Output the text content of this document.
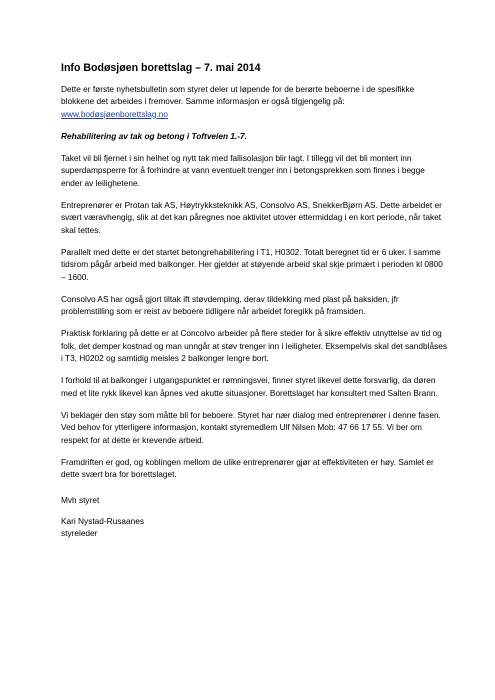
Info Bodøsjøen borettslag – 7. mai 2014
Dette er første nyhetsbulletin som styret deler ut løpende for de berørte beboerne i de spesifikke blokkene det arbeides i fremover. Samme informasjon er også tilgjengelig på:
www.bodøsjøenborettslag.no
Rehabilitering av tak og betong i Toftveien 1.-7.
Taket vil bli fjernet i sin helhet og nytt tak med fallisolasjon blir lagt. I tillegg vil det bli montert inn superdampsperre for å forhindre at vann eventuelt trenger inn i betongsprekken som finnes i begge ender av leilighetene.
Entreprenører er Protan tak AS, Høytrykksteknikk AS, Consolvo AS, SnekkerBjørn AS. Dette arbeidet er svært væravhengig, slik at det kan påregnes noe aktivitet utover ettermiddag i en kort periode, når taket skal tettes.
Parallelt med dette er det startet betongrehabilitering i T1, H0302. Totalt beregnet tid er 6 uker. I samme tidsrom pågår arbeid med balkonger. Her gjelder at støyende arbeid skal skje primært i perioden kl 0800 – 1600.
Consolvo AS har også gjort tiltak ift støvdemping, derav tildekking med plast på baksiden, jfr problemstilling som er reist av beboere tidligere når arbeidet foregikk på framsiden.
Praktisk forklaring på dette er at Concolvo arbeider på flere steder for å sikre effektiv utnyttelse av tid og folk, det demper kostnad og man unngår at støv trenger inn i leiligheter. Eksempelvis skal det sandblåses i T3, H0202 og samtidig meisles 2 balkonger lengre bort.
I forhold til at balkonger i utgangspunktet er rømningsvei, finner styret likevel dette forsvarlig, da døren med et lite rykk likevel kan åpnes ved akutte situasjoner. Borettslaget har konsultert med Salten Brann.
Vi beklager den støy som måtte bli for beboere. Styret har nær dialog med entreprenører i denne fasen. Ved behov for ytterligere informasjon, kontakt styremedlem Ulf Nilsen Mob: 47 66 17 55. Vi ber om respekt for at dette er krevende arbeid.
Framdriften er god, og koblingen mellom de ulike entreprenører gjør at effektiviteten er høy. Samlet er dette svært bra for borettslaget.
Mvh styret
Kari Nystad-Rusaanes
styreleder
